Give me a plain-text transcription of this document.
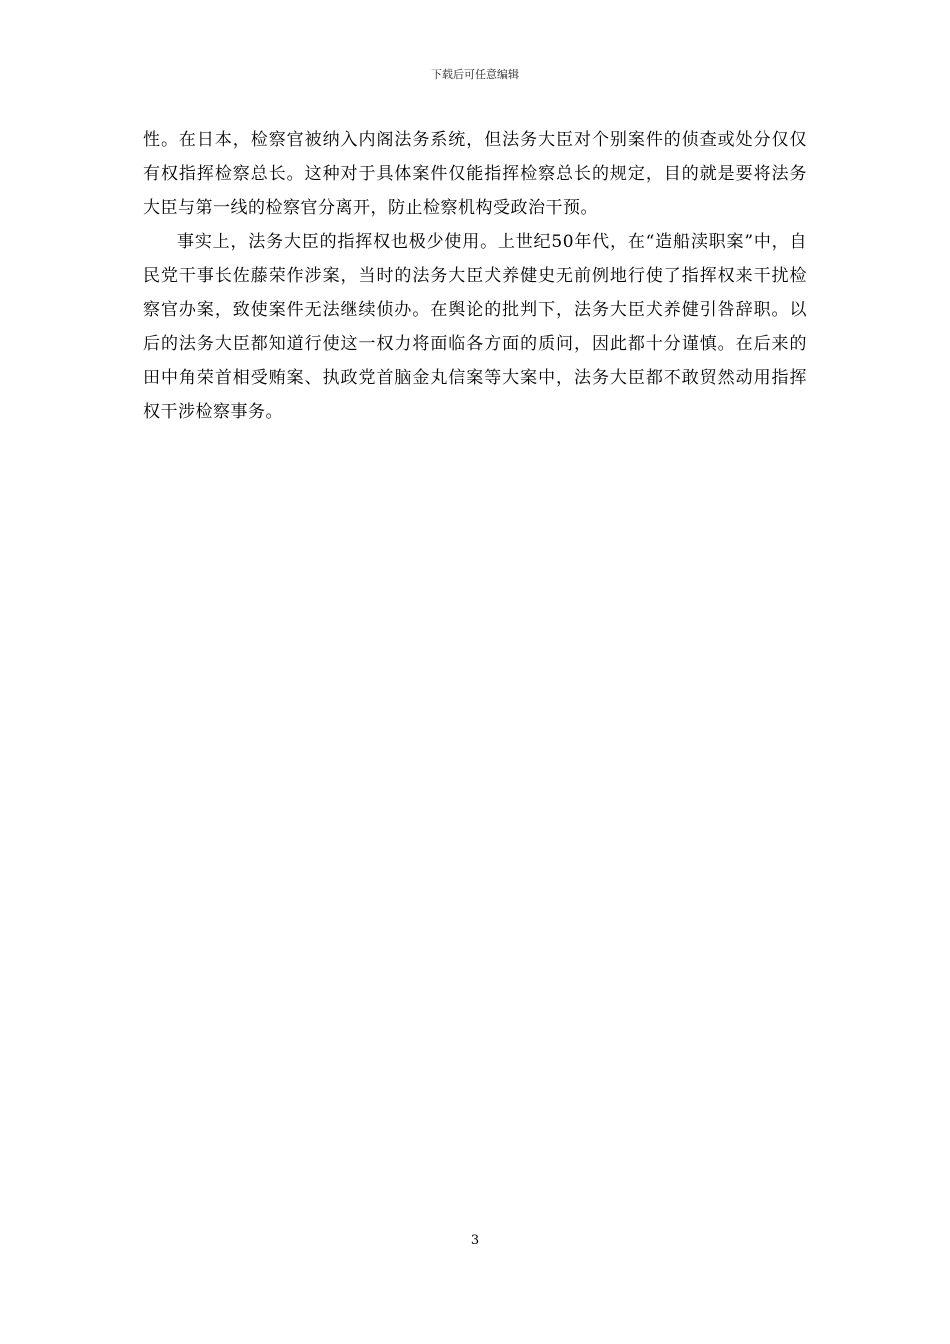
下载后可任意编辑

性。在日本，检察官被纳入内阁法务系统，但法务大臣对个别案件的侦查或处分仅仅有权指挥检察总长。这种对于具体案件仅能指挥检察总长的规定，目的就是要将法务大臣与第一线的检察官分离开，防止检察机构受政治干预。

事实上，法务大臣的指挥权也极少使用。上世纪50年代，在“造船渎职案”中，自民党干事长佐藤荣作涉案，当时的法务大臣犬养健史无前例地行使了指挥权来干扰检察官办案，致使案件无法继续侦办。在舆论的批判下，法务大臣犬养健引咎辞职。以后的法务大臣都知道行使这一权力将面临各方面的质问，因此都十分谨慎。在后来的田中角荣首相受贿案、执政党首脑金丸信案等大案中，法务大臣都不敢贸然动用指挥权干涉检察事务。

3
